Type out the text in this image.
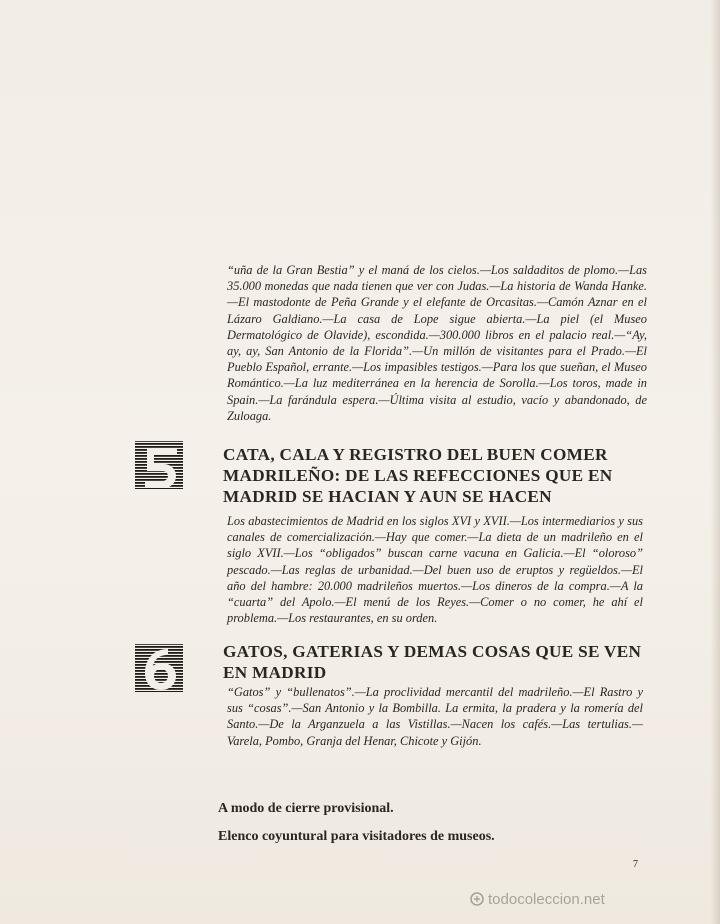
“uña de la Gran Bestia” y el maná de los cielos.—Los saldaditos de plomo.—Las 35.000 monedas que nada tienen que ver con Judas.—La historia de Wanda Hanke.—El mastodonte de Peña Grande y el elefante de Orcasitas.—Camón Aznar en el Lázaro Galdiano.—La casa de Lope sigue abierta.—La piel (el Museo Dermatológico de Olavide), escondida.—300.000 libros en el palacio real.—“Ay, ay, ay, San Antonio de la Florida”.—Un millón de visitantes para el Prado.—El Pueblo Español, errante.—Los impasibles testigos.—Para los que sueñan, el Museo Romántico.—La luz mediterránea en la herencia de Sorolla.—Los toros, made in Spain.—La farándula espera.—Última visita al estudio, vacío y abandonado, de Zuloaga.
CATA, CALA Y REGISTRO DEL BUEN COMER MADRILEÑO: DE LAS REFECCIONES QUE EN MADRID SE HACIAN Y AUN SE HACEN
Los abastecimientos de Madrid en los siglos XVI y XVII.—Los intermediarios y sus canales de comercialización.—Hay que comer.—La dieta de un madrileño en el siglo XVII.—Los “obligados” buscan carne vacuna en Galicia.—El “oloroso” pescado.—Las reglas de urbanidad.—Del buen uso de eruptos y regüeldos.—El año del hambre: 20.000 madrileños muertos.—Los dineros de la compra.—A la “cuarta” del Apolo.—El menú de los Reyes.—Comer o no comer, he ahí el problema.—Los restaurantes, en su orden.
GATOS, GATERIAS Y DEMAS COSAS QUE SE VEN EN MADRID
“Gatos” y “bullenatos”.—La proclividad mercantil del madrileño.—El Rastro y sus “cosas”.—San Antonio y la Bombilla. La ermita, la pradera y la romería del Santo.—De la Arganzuela a las Vistillas.—Nacen los cafés.—Las tertulias.—Varela, Pombo, Granja del Henar, Chicote y Gijón.
A modo de cierre provisional.
Elenco coyuntural para visitadores de museos.
7
todocoleccion.net
